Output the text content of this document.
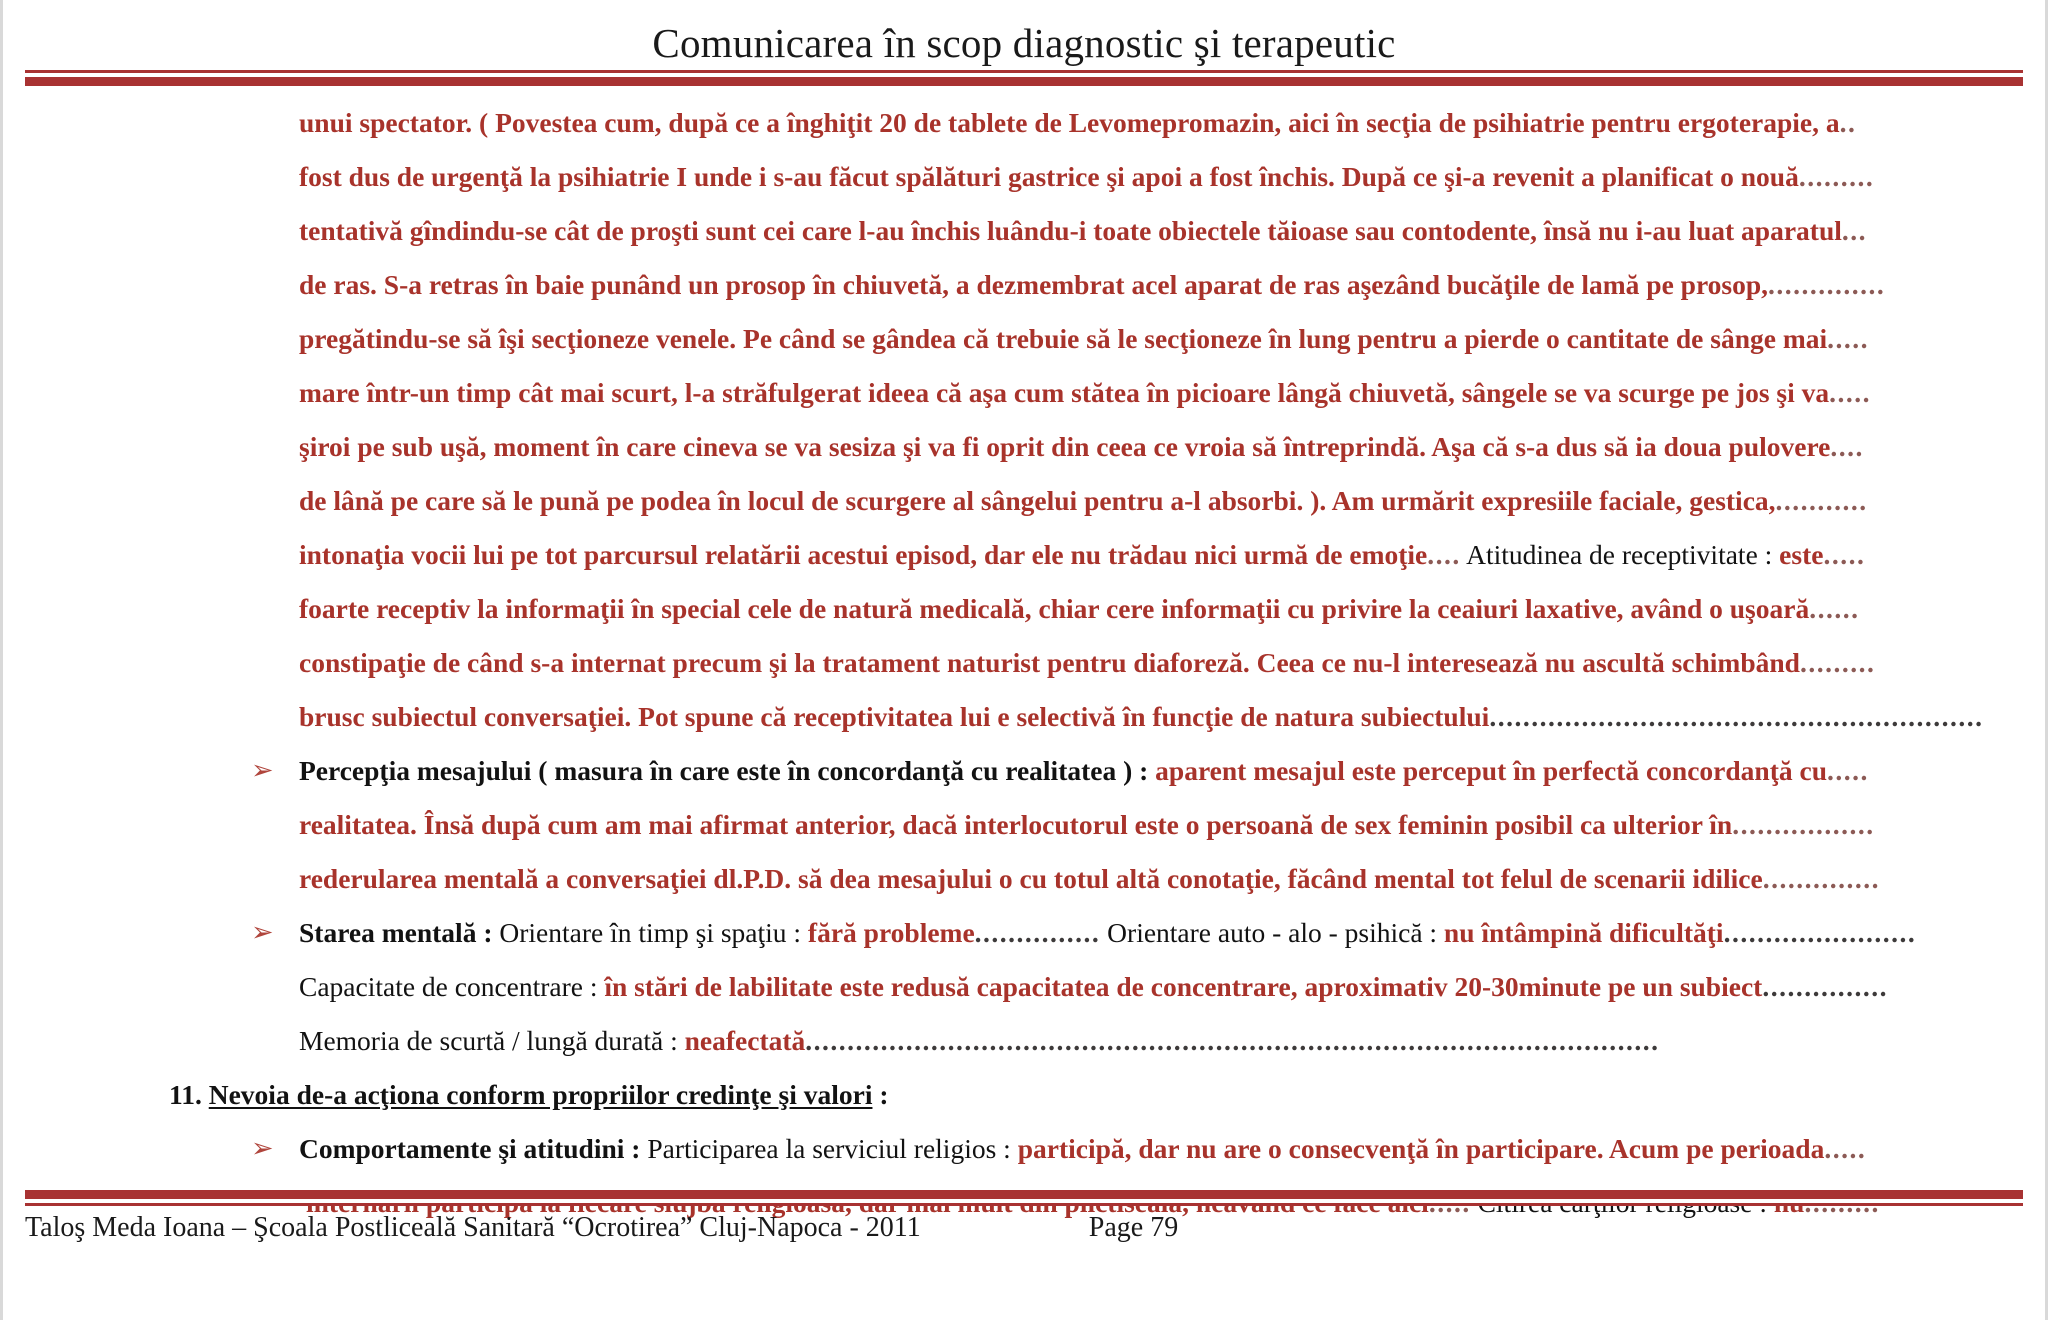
Comunicarea în scop diagnostic şi terapeutic
unui spectator. ( Povestea cum, după ce a înghiţit 20 de tablete de Levomepromazin, aici în secţia de psihiatrie pentru ergoterapie, a..
fost dus de urgenţă la psihiatrie I unde i s-au făcut spălături gastrice şi apoi a fost închis. După ce şi-a revenit a planificat o nouă.........
tentativă gîndindu-se cât de proşti sunt cei care l-au închis luându-i toate obiectele tăioase sau contodente, însă nu i-au luat aparatul...
de ras. S-a retras în baie punând un prosop în chiuvetă, a dezmembrat acel aparat de ras aşezând bucăţile de lamă pe prosop,..............
pregătindu-se să îşi secţioneze venele. Pe când se gândea că trebuie să le secţioneze în lung pentru a pierde o cantitate de sânge mai.....
mare într-un timp cât mai scurt, l-a străfulgerat ideea că aşa cum stătea în picioare lângă chiuvetă, sângele se va scurge pe jos şi va.....
şiroi pe sub uşă, moment în care cineva se va sesiza şi va fi oprit din ceea ce vroia să întreprindă. Aşa că s-a dus să ia doua pulovere....
de lână pe care să le pună pe podea în locul de scurgere al sângelui pentru a-l absorbi. ). Am urmărit expresiile faciale, gestica,...........
intonaţia vocii lui pe tot parcursul relatării acestui episod, dar ele nu trădau nici urmă de emoţie.... Atitudinea de receptivitate : este.....
foarte receptiv la informaţii în special cele de natură medicală, chiar cere informaţii cu privire la ceaiuri laxative, având o uşoară......
constipaţie de când s-a internat precum şi la tratament naturist pentru diaforeză. Ceea ce nu-l interesează nu ascultă schimbând.........
brusc subiectul conversaţiei. Pot spune că receptivitatea lui e selectivă în funcţie de natura subiectului...........................................................
➢ Percepţia mesajului ( masura în care este în concordanţă cu realitatea ) : aparent mesajul este perceput în perfectă concordanţă cu.....
realitatea. Însă după cum am mai afirmat anterior, dacă interlocutorul este o persoană de sex feminin posibil ca ulterior în.................
rederularea mentală a conversaţiei dl.P.D. să dea mesajului o cu totul altă conotaţie, făcând mental tot felul de scenarii idilice..............
➢ Starea mentală : Orientare în timp şi spaţiu : fără probleme............... Orientare auto - alo - psihică : nu întâmpină dificultăţi.......................
Capacitate de concentrare : în stări de labilitate este redusă capacitatea de concentrare, aproximativ 20-30minute pe un subiect...............
Memoria de scurtă / lungă durată : neafectată......................................................................................................
11. Nevoia de-a acţiona conform propriilor credinţe şi valori :
➢ Comportamente şi atitudini : Participarea la serviciul religios : participă, dar nu are o consecvenţă în participare. Acum pe perioada.....
Taloş Meda Ioana – Şcoala Postliceală Sanitară “Ocrotirea” Cluj-Napoca - 2011	Page 79
